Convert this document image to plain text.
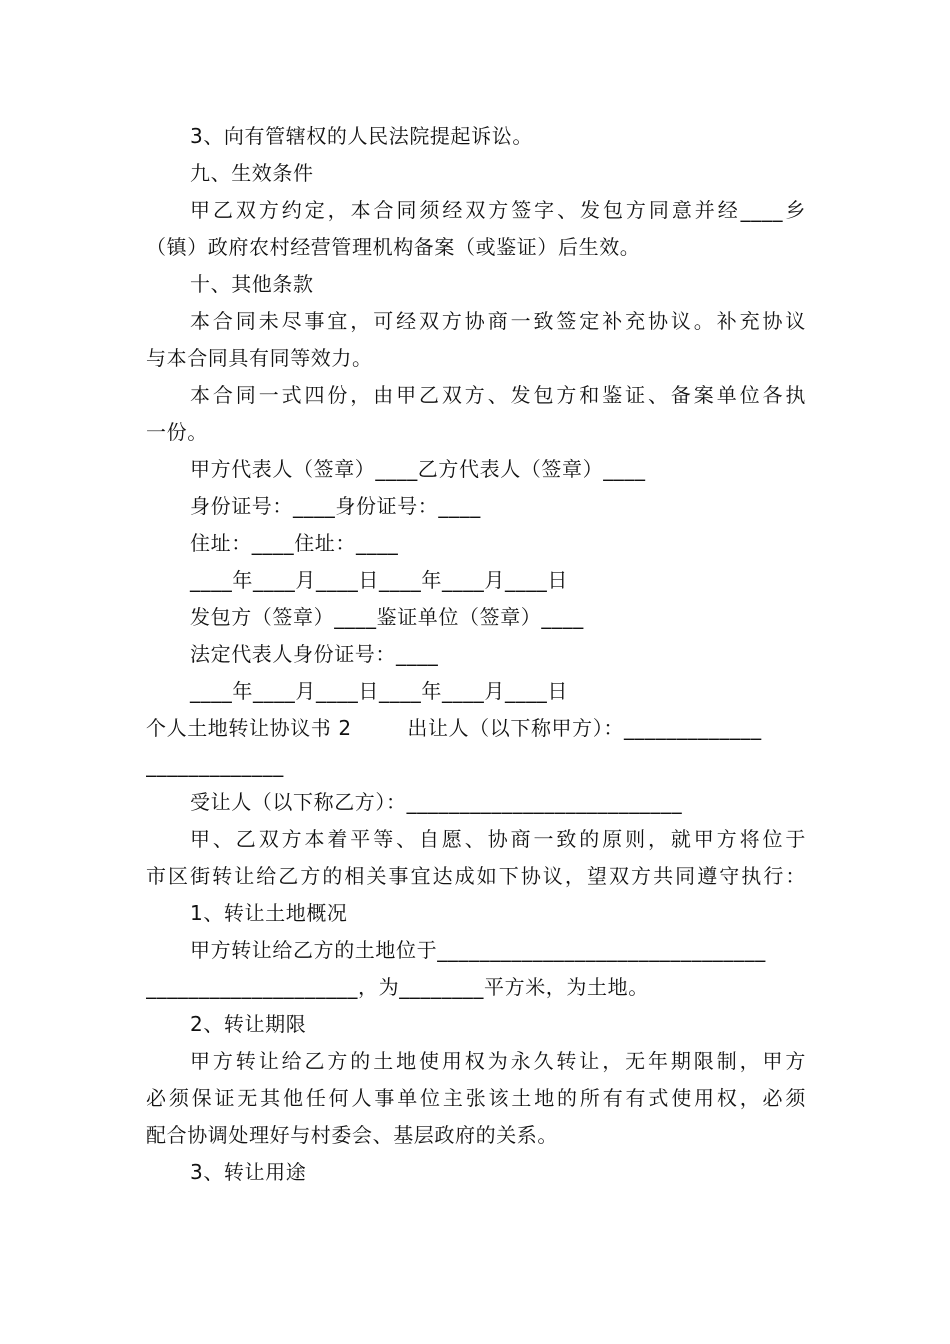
3、向有管辖权的人民法院提起诉讼。
九、生效条件
甲乙双方约定，本合同须经双方签字、发包方同意并经____乡
（镇）政府农村经营管理机构备案（或鉴证）后生效。
十、其他条款
本合同未尽事宜，可经双方协商一致签定补充协议。补充协议
与本合同具有同等效力。
本合同一式四份，由甲乙双方、发包方和鉴证、备案单位各执
一份。
甲方代表人（签章）____乙方代表人（签章）____
身份证号：____身份证号：____
住址：____住址：____
____年____月____日____年____月____日
发包方（签章）____鉴证单位（签章）____
法定代表人身份证号：____
____年____月____日____年____月____日
个人土地转让协议书 2        出让人（以下称甲方）：_____________
_____________
受让人（以下称乙方）：__________________________
甲、乙双方本着平等、自愿、协商一致的原则，就甲方将位于
市区街转让给乙方的相关事宜达成如下协议，望双方共同遵守执行：
1、转让土地概况
甲方转让给乙方的土地位于_______________________________
____________________，为________平方米，为土地。
2、转让期限
甲方转让给乙方的土地使用权为永久转让，无年期限制，甲方
必须保证无其他任何人事单位主张该土地的所有有式使用权，必须
配合协调处理好与村委会、基层政府的关系。
3、转让用途
